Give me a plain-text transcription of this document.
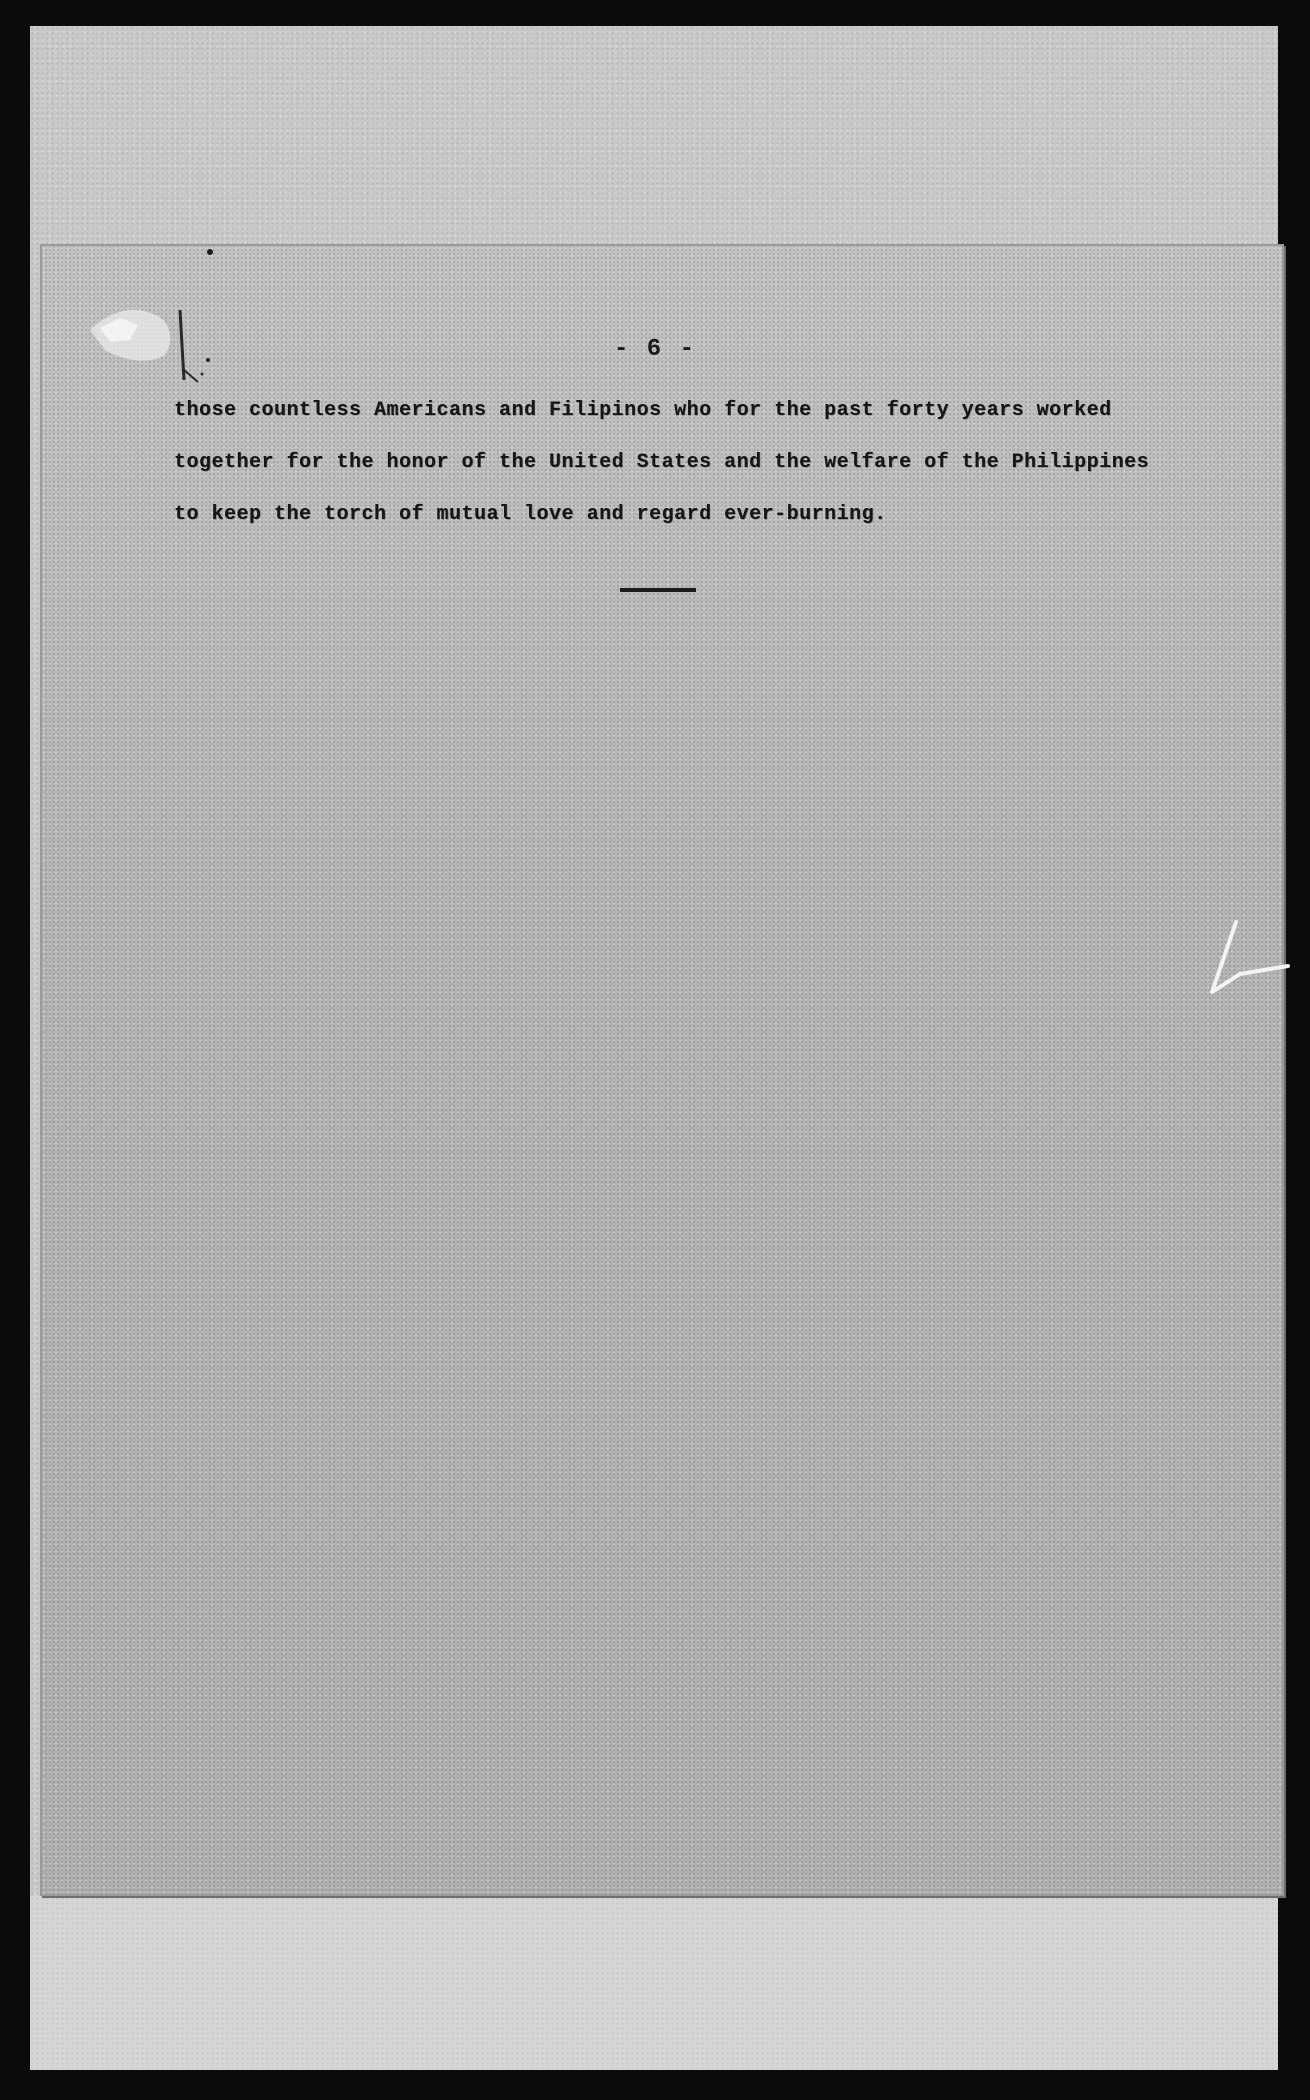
- 6 -
those countless Americans and Filipinos who for the past forty years worked
together for the honor of the United States and the welfare of the Philippines
to keep the torch of mutual love and regard ever-burning.
